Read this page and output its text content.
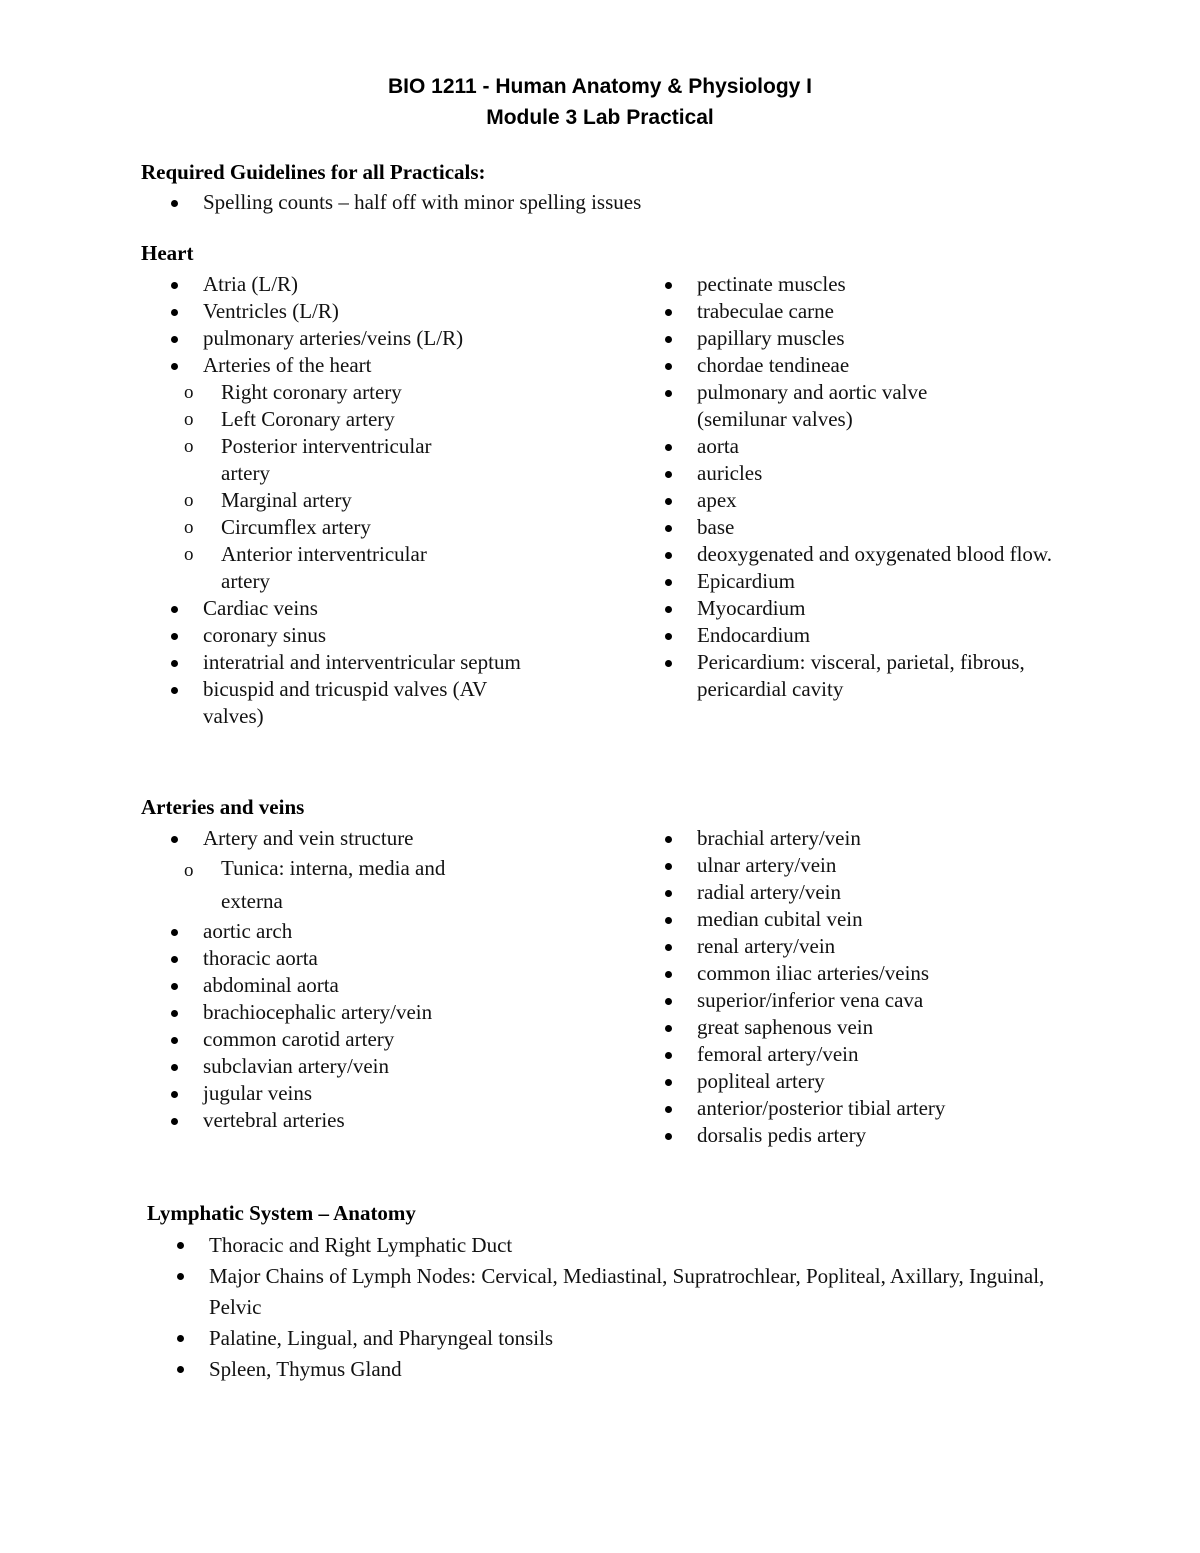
BIO 1211 - Human Anatomy & Physiology I
Module 3 Lab Practical
Required Guidelines for all Practicals:
Spelling counts – half off with minor spelling issues
Heart
Atria (L/R)
Ventricles (L/R)
pulmonary arteries/veins (L/R)
Arteries of the heart
o Right coronary artery
o Left Coronary artery
o Posterior interventricular artery
o Marginal artery
o Circumflex artery
o Anterior interventricular artery
Cardiac veins
coronary sinus
interatrial and interventricular septum
bicuspid and tricuspid valves (AV valves)
pectinate muscles
trabeculae carne
papillary muscles
chordae tendineae
pulmonary and aortic valve (semilunar valves)
aorta
auricles
apex
base
deoxygenated and oxygenated blood flow.
Epicardium
Myocardium
Endocardium
Pericardium: visceral, parietal, fibrous, pericardial cavity
Arteries and veins
Artery and vein structure
o Tunica: interna, media and externa
aortic arch
thoracic aorta
abdominal aorta
brachiocephalic artery/vein
common carotid artery
subclavian artery/vein
jugular veins
vertebral arteries
brachial artery/vein
ulnar artery/vein
radial artery/vein
median cubital vein
renal artery/vein
common iliac arteries/veins
superior/inferior vena cava
great saphenous vein
femoral artery/vein
popliteal artery
anterior/posterior tibial artery
dorsalis pedis artery
Lymphatic System – Anatomy
Thoracic and Right Lymphatic Duct
Major Chains of Lymph Nodes: Cervical, Mediastinal, Supratrochlear, Popliteal, Axillary, Inguinal, Pelvic
Palatine, Lingual, and Pharyngeal tonsils
Spleen, Thymus Gland
